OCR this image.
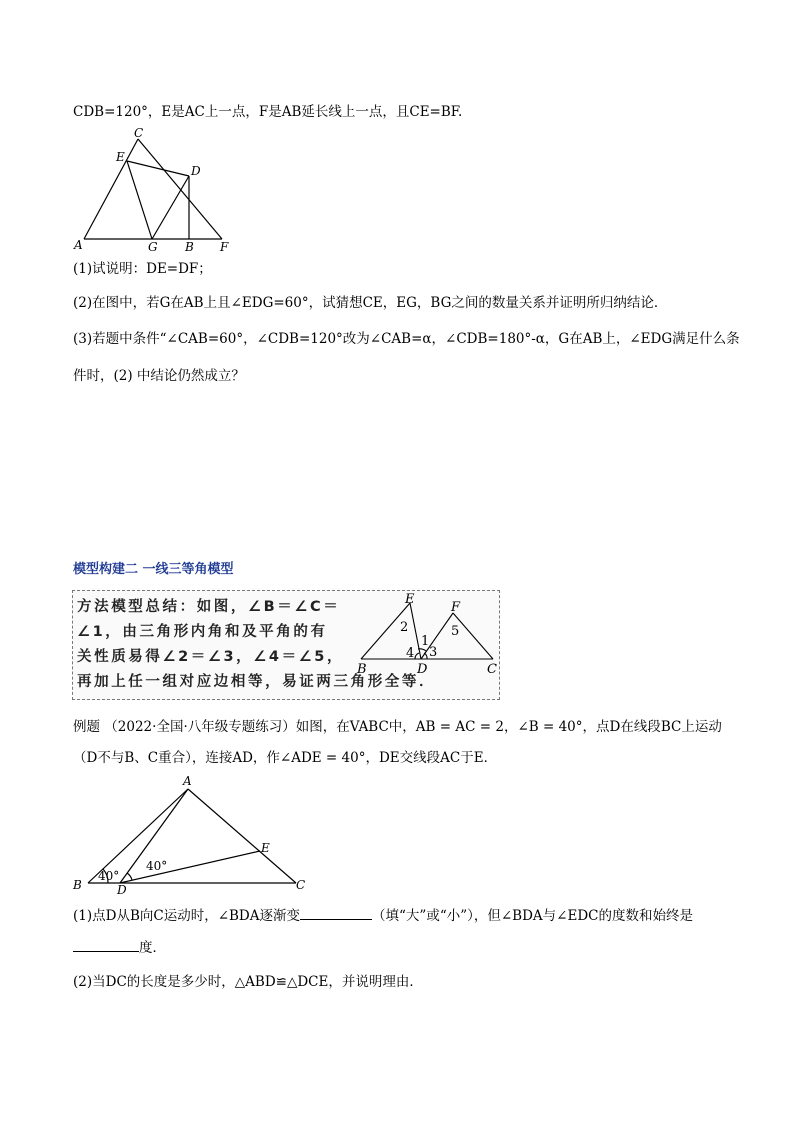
CDB=120°，E是AC上一点，F是AB延长线上一点，且CE=BF.
C
E
D
A	G B F
(1)试说明：DE=DF；
(2)在图中，若G在AB上且∠EDG=60°，试猜想CE，EG，BG之间的数量关系并证明所归纳结论．
(3)若题中条件“∠CAB=60°，∠CDB=120°改为∠CAB=α，∠CDB=180°-α，G在AB上，∠EDG满足什么条
件时，(2) 中结论仍然成立？
模型构建二 一线三等角模型
方法模型总结：如图，∠B＝∠C＝
∠1，由三角形内角和及平角的有
关性质易得∠2＝∠3，∠4＝∠5，
再加上任一组对应边相等，易证两三角形全等．
E
F
B	D	C
2
1
5
4 3
例题 （2022·全国·八年级专题练习）如图，在VABC中，AB = AC = 2，∠B = 40°，点D在线段BC上运动
（D不与B、C重合），连接AD，作∠ADE = 40°，DE交线段AC于E．
A
E
B	D	C
40°
40°
(1)点D从B向C运动时，∠BDA逐渐变	（填“大”或“小”），但∠BDA与∠EDC的度数和始终是
度．
(2)当DC的长度是多少时，△ABD≌△DCE，并说明理由．
